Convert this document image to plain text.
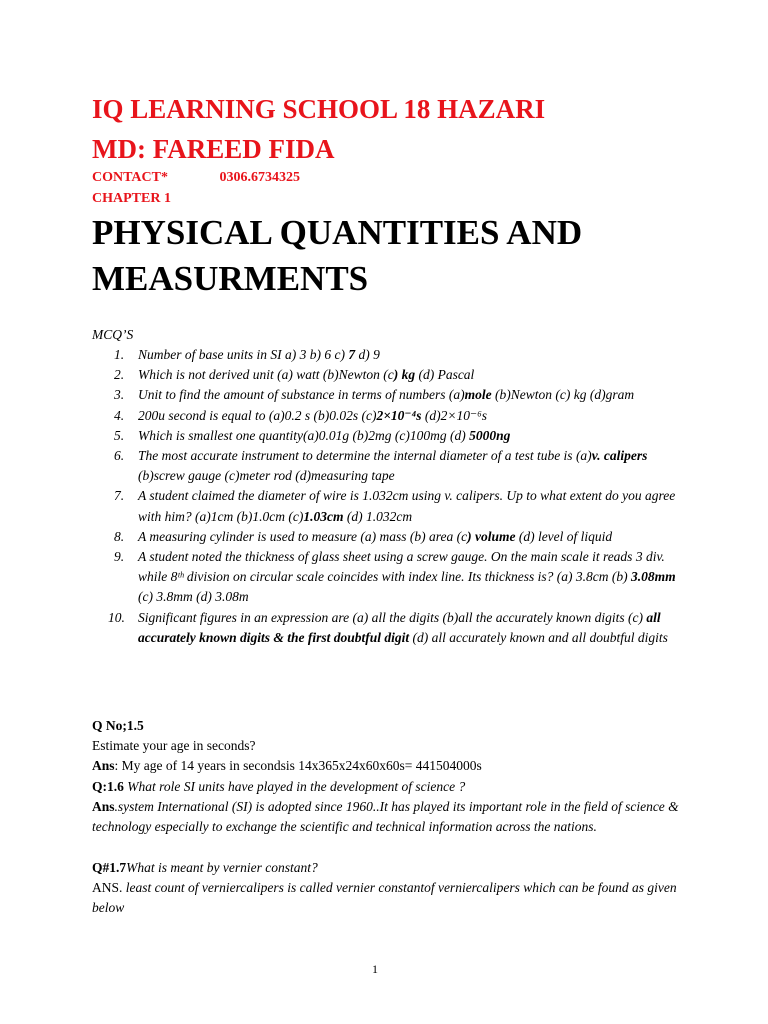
IQ LEARNING SCHOOL 18 HAZARI
MD: FAREED FIDA
CONTACT*	0306.6734325
CHAPTER 1
PHYSICAL QUANTITIES AND MEASURMENTS
MCQ’S
1. Number of base units in SI a) 3 b) 6 c) 7 d) 9
2. Which is not derived unit (a) watt (b)Newton (c) kg (d) Pascal
3. Unit to find the amount of substance in terms of numbers (a)mole (b)Newton (c) kg (d)gram
4. 200u second is equal to (a)0.2 s (b)0.02s (c)2×10⁻⁴s (d)2×10⁻⁶s
5. Which is smallest one quantity(a)0.01g (b)2mg (c)100mg (d) 5000ng
6. The most accurate instrument to determine the internal diameter of a test tube is (a)v. calipers (b)screw gauge (c)meter rod (d)measuring tape
7. A student claimed the diameter of wire is 1.032cm using v. calipers. Up to what extent do you agree with him? (a)1cm (b)1.0cm (c)1.03cm (d) 1.032cm
8. A measuring cylinder is used to measure (a) mass (b) area (c) volume (d) level of liquid
9. A student noted the thickness of glass sheet using a screw gauge. On the main scale it reads 3 div. while 8ᵗʰ division on circular scale coincides with index line. Its thickness is? (a) 3.8cm (b) 3.08mm (c) 3.8mm (d) 3.08m
10. Significant figures in an expression are (a) all the digits (b)all the accurately known digits (c) all accurately known digits & the first doubtful digit (d) all accurately known and all doubtful digits
Q No;1.5
Estimate your age in seconds?
Ans: My age of 14 years in secondsis 14x365x24x60x60s= 441504000s
Q:1.6 What role SI units have played in the development of science ?
Ans.system International (SI) is adopted since 1960..It has played its important role in the field of science & technology especially to exchange the scientific and technical information across the nations.
Q#1.7What is meant by vernier constant?
ANS. least count of verniercalipers is called vernier constantof verniercalipers which can be found as given below
1
